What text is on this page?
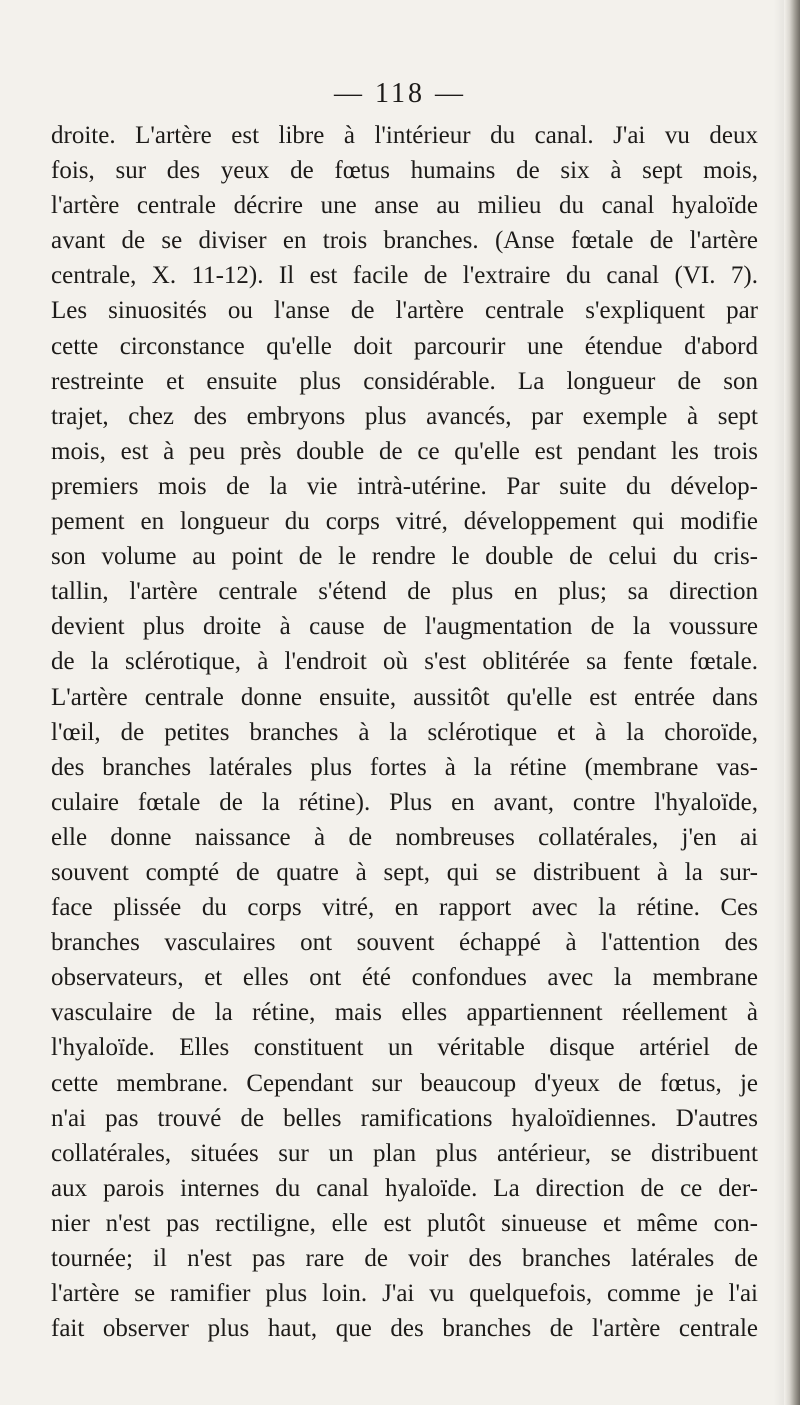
— 118 —
droite. L'artère est libre à l'intérieur du canal. J'ai vu deux
fois, sur des yeux de fœtus humains de six à sept mois,
l'artère centrale décrire une anse au milieu du canal hyaloïde
avant de se diviser en trois branches. (Anse fœtale de l'artère
centrale, X. 11-12). Il est facile de l'extraire du canal (VI. 7).
Les sinuosités ou l'anse de l'artère centrale s'expliquent par
cette circonstance qu'elle doit parcourir une étendue d'abord
restreinte et ensuite plus considérable. La longueur de son
trajet, chez des embryons plus avancés, par exemple à sept
mois, est à peu près double de ce qu'elle est pendant les trois
premiers mois de la vie intrà-utérine. Par suite du dévelop-
pement en longueur du corps vitré, développement qui modifie
son volume au point de le rendre le double de celui du cris-
tallin, l'artère centrale s'étend de plus en plus; sa direction
devient plus droite à cause de l'augmentation de la voussure
de la sclérotique, à l'endroit où s'est oblitérée sa fente fœtale.
L'artère centrale donne ensuite, aussitôt qu'elle est entrée dans
l'œil, de petites branches à la sclérotique et à la choroïde,
des branches latérales plus fortes à la rétine (membrane vas-
culaire fœtale de la rétine). Plus en avant, contre l'hyaloïde,
elle donne naissance à de nombreuses collatérales, j'en ai
souvent compté de quatre à sept, qui se distribuent à la sur-
face plissée du corps vitré, en rapport avec la rétine. Ces
branches vasculaires ont souvent échappé à l'attention des
observateurs, et elles ont été confondues avec la membrane
vasculaire de la rétine, mais elles appartiennent réellement à
l'hyaloïde. Elles constituent un véritable disque artériel de
cette membrane. Cependant sur beaucoup d'yeux de fœtus, je
n'ai pas trouvé de belles ramifications hyaloïdiennes. D'autres
collatérales, situées sur un plan plus antérieur, se distribuent
aux parois internes du canal hyaloïde. La direction de ce der-
nier n'est pas rectiligne, elle est plutôt sinueuse et même con-
tournée; il n'est pas rare de voir des branches latérales de
l'artère se ramifier plus loin. J'ai vu quelquefois, comme je l'ai
fait observer plus haut, que des branches de l'artère centrale
